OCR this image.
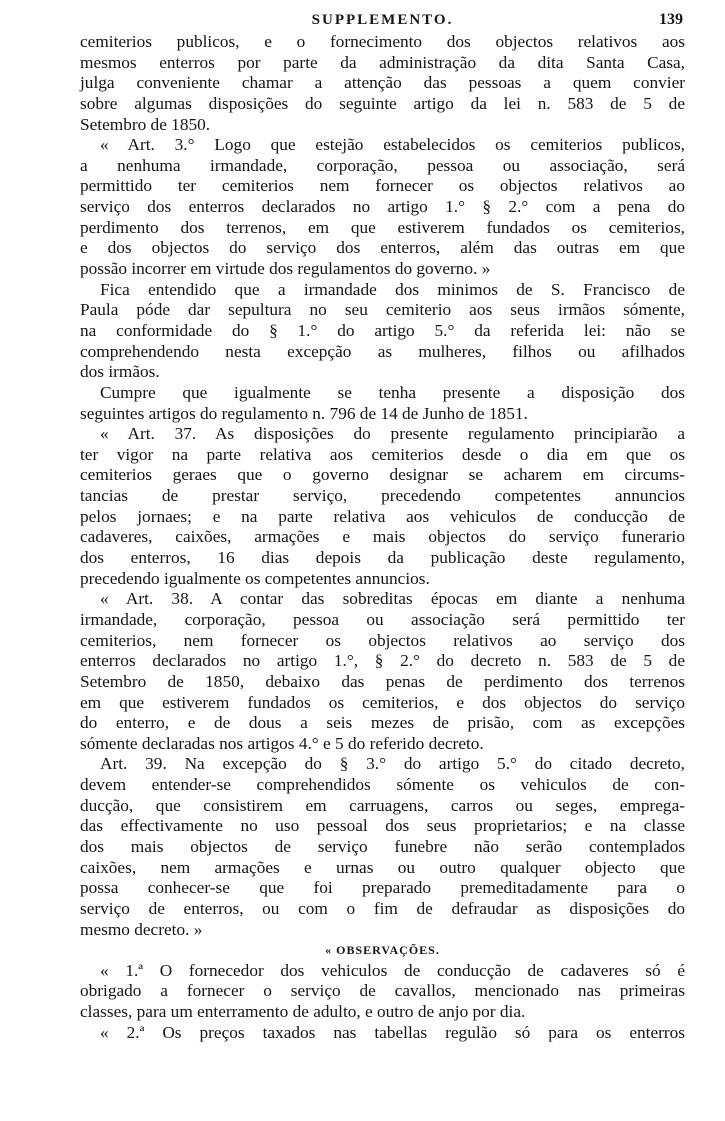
SUPPLEMENTO.	139
cemiterios publicos, e o fornecimento dos objectos relativos aos
mesmos enterros por parte da administração da dita Santa Casa,
julga conveniente chamar a attenção das pessoas a quem convier
sobre algumas disposições do seguinte artigo da lei n. 583 de 5 de
Setembro de 1850.
« Art. 3.° Logo que estejão estabelecidos os cemiterios publicos,
a nenhuma irmandade, corporação, pessoa ou associação, será
permittido ter cemiterios nem fornecer os objectos relativos ao
serviço dos enterros declarados no artigo 1.° § 2.° com a pena do
perdimento dos terrenos, em que estiverem fundados os cemiterios,
e dos objectos do serviço dos enterros, além das outras em que
possão incorrer em virtude dos regulamentos do governo. »
Fica entendido que a irmandade dos minimos de S. Francisco de
Paula póde dar sepultura no seu cemiterio aos seus irmãos sómente,
na conformidade do § 1.° do artigo 5.° da referida lei: não se
comprehendendo nesta excepção as mulheres, filhos ou afilhados
dos irmãos.
Cumpre que igualmente se tenha presente a disposição dos
seguintes artigos do regulamento n. 796 de 14 de Junho de 1851.
« Art. 37. As disposições do presente regulamento principiarão a
ter vigor na parte relativa aos cemiterios desde o dia em que os
cemiterios geraes que o governo designar se acharem em circums-
tancias de prestar serviço, precedendo competentes annuncios
pelos jornaes; e na parte relativa aos vehiculos de conducção de
cadaveres, caixões, armações e mais objectos do serviço funerario
dos enterros, 16 dias depois da publicação deste regulamento,
precedendo igualmente os competentes annuncios.
« Art. 38. A contar das sobreditas épocas em diante a nenhuma
irmandade, corporação, pessoa ou associação será permittido ter
cemiterios, nem fornecer os objectos relativos ao serviço dos
enterros declarados no artigo 1.°, § 2.° do decreto n. 583 de 5 de
Setembro de 1850, debaixo das penas de perdimento dos terrenos
em que estiverem fundados os cemiterios, e dos objectos do serviço
do enterro, e de dous a seis mezes de prisão, com as excepções
sómente declaradas nos artigos 4.° e 5 do referido decreto.
Art. 39. Na excepção do § 3.° do artigo 5.° do citado decreto,
devem entender-se comprehendidos sómente os vehiculos de con-
ducção, que consistirem em carruagens, carros ou seges, emprega-
das effectivamente no uso pessoal dos seus proprietarios; e na classe
dos mais objectos de serviço funebre não serão contemplados
caixões, nem armações e urnas ou outro qualquer objecto que
possa conhecer-se que foi preparado premeditadamente para o
serviço de enterros, ou com o fim de defraudar as disposições do
mesmo decreto. »
« OBSERVAÇÕES.
« 1.ª O fornecedor dos vehiculos de conducção de cadaveres só é
obrigado a fornecer o serviço de cavallos, mencionado nas primeiras
classes, para um enterramento de adulto, e outro de anjo por dia.
« 2.ª Os preços taxados nas tabellas regulão só para os enterros
